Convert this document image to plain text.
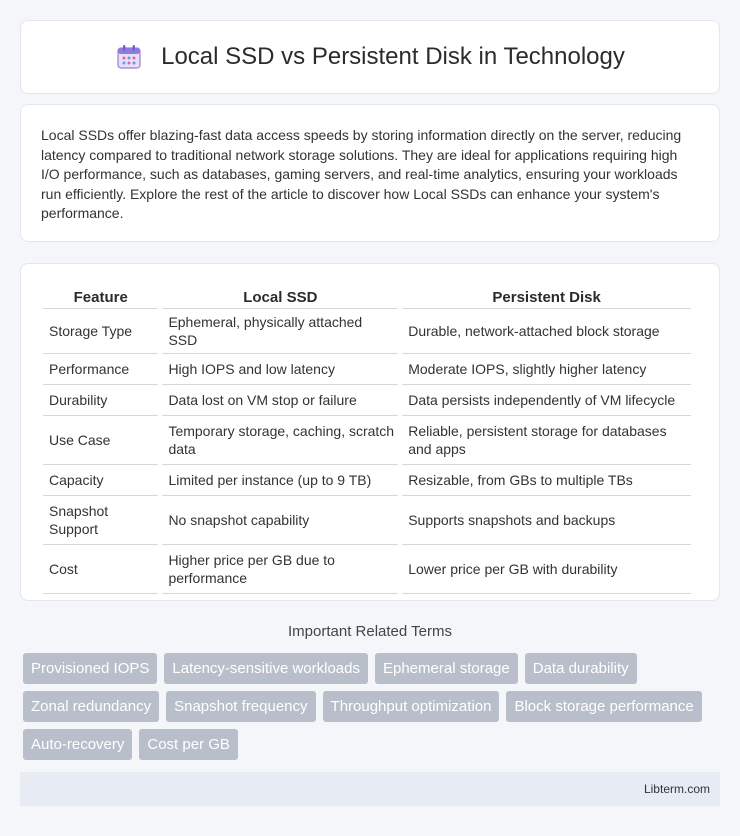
Local SSD vs Persistent Disk in Technology

Local SSDs offer blazing-fast data access speeds by storing information directly on the server, reducing latency compared to traditional network storage solutions. They are ideal for applications requiring high I/O performance, such as databases, gaming servers, and real-time analytics, ensuring your workloads run efficiently. Explore the rest of the article to discover how Local SSDs can enhance your system's performance.

Feature	Local SSD	Persistent Disk
Storage Type	Ephemeral, physically attached SSD	Durable, network-attached block storage
Performance	High IOPS and low latency	Moderate IOPS, slightly higher latency
Durability	Data lost on VM stop or failure	Data persists independently of VM lifecycle
Use Case	Temporary storage, caching, scratch data	Reliable, persistent storage for databases and apps
Capacity	Limited per instance (up to 9 TB)	Resizable, from GBs to multiple TBs
Snapshot Support	No snapshot capability	Supports snapshots and backups
Cost	Higher price per GB due to performance	Lower price per GB with durability
Important Related Terms
Provisioned IOPS	Latency-sensitive workloads	Ephemeral storage	Data durability
Zonal redundancy	Snapshot frequency	Throughput optimization	Block storage performance
Auto-recovery	Cost per GB
Libterm.com
